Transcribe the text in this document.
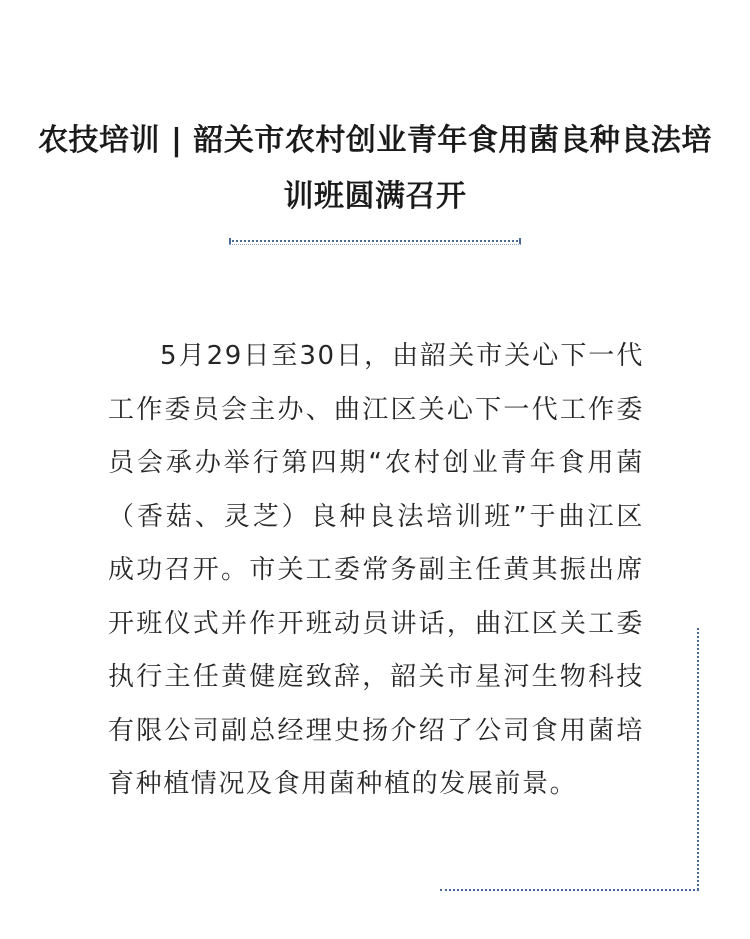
农技培训 | 韶关市农村创业青年食用菌良种良法培训班圆满召开

5月29日至30日，由韶关市关心下一代工作委员会主办、曲江区关心下一代工作委员会承办举行第四期“农村创业青年食用菌（香菇、灵芝）良种良法培训班”于曲江区成功召开。市关工委常务副主任黄其振出席开班仪式并作开班动员讲话，曲江区关工委执行主任黄健庭致辞，韶关市星河生物科技有限公司副总经理史扬介绍了公司食用菌培育种植情况及食用菌种植的发展前景。
